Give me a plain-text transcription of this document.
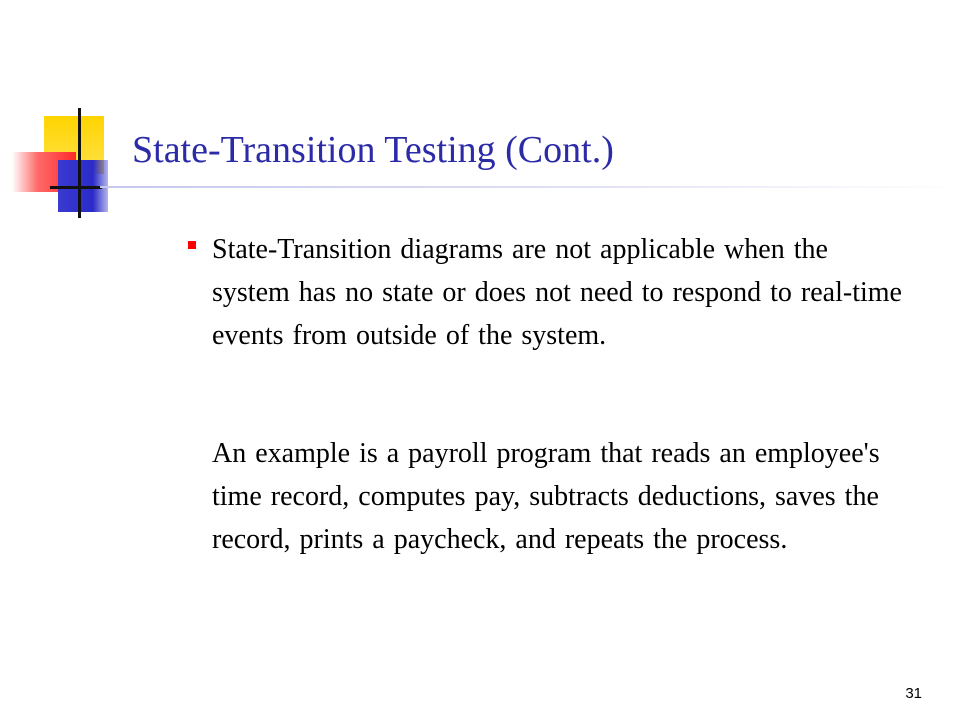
State-Transition Testing (Cont.)
State-Transition diagrams are not applicable when the system has no state or does not need to respond to real-time events from outside of the system.
An example is a payroll program that reads an employee's time record, computes pay, subtracts deductions, saves the record, prints a paycheck, and repeats the process.
31
